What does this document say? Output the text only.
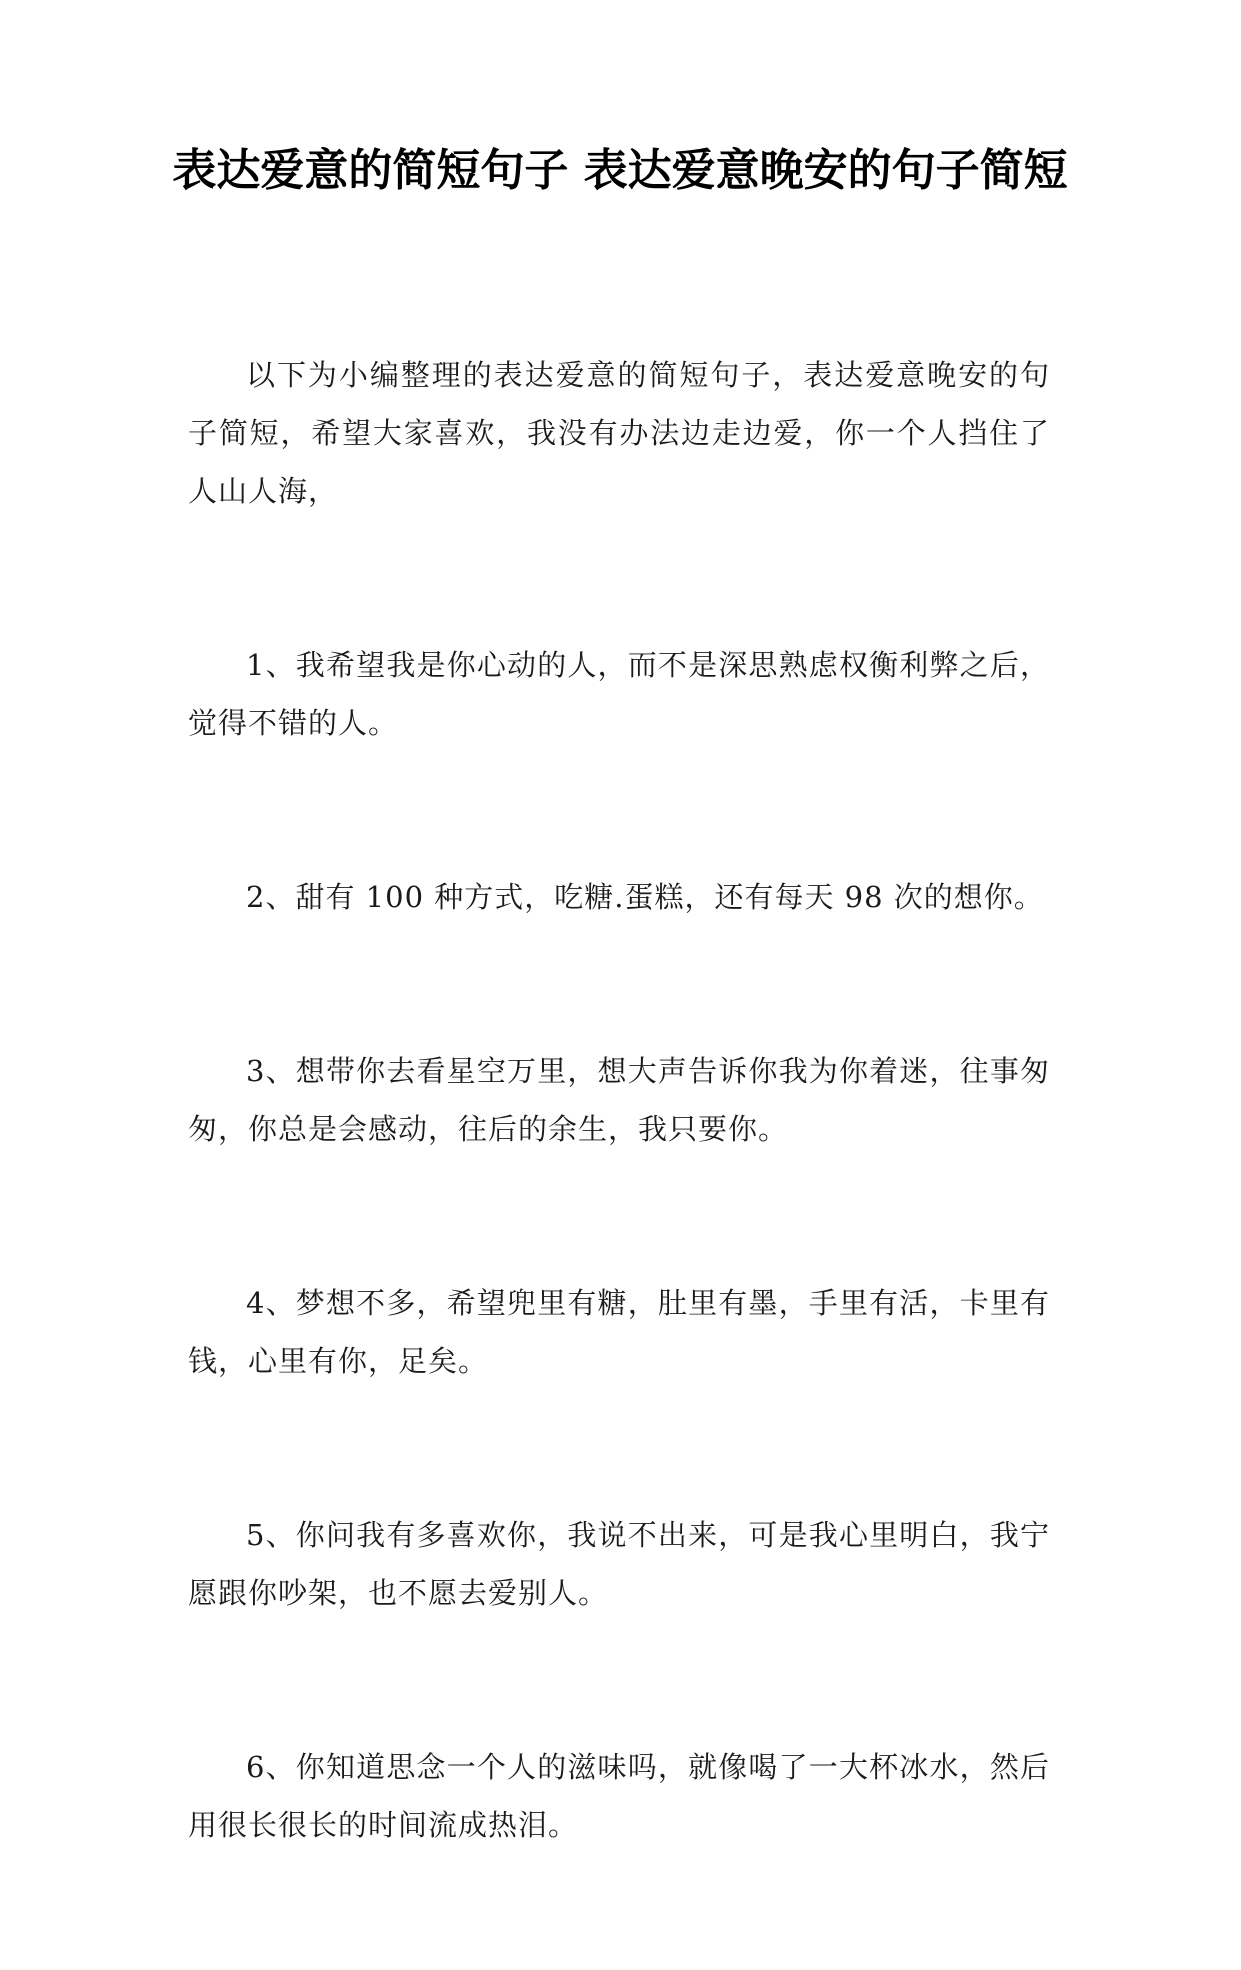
表达爱意的简短句子 表达爱意晚安的句子简短

以下为小编整理的表达爱意的简短句子，表达爱意晚安的句子简短，希望大家喜欢，我没有办法边走边爱，你一个人挡住了人山人海，

1、我希望我是你心动的人，而不是深思熟虑权衡利弊之后，觉得不错的人。

2、甜有 100 种方式，吃糖.蛋糕，还有每天 98 次的想你。

3、想带你去看星空万里，想大声告诉你我为你着迷，往事匆匆，你总是会感动，往后的余生，我只要你。

4、梦想不多，希望兜里有糖，肚里有墨，手里有活，卡里有钱，心里有你，足矣。

5、你问我有多喜欢你，我说不出来，可是我心里明白，我宁愿跟你吵架，也不愿去爱别人。

6、你知道思念一个人的滋味吗，就像喝了一大杯冰水，然后用很长很长的时间流成热泪。
